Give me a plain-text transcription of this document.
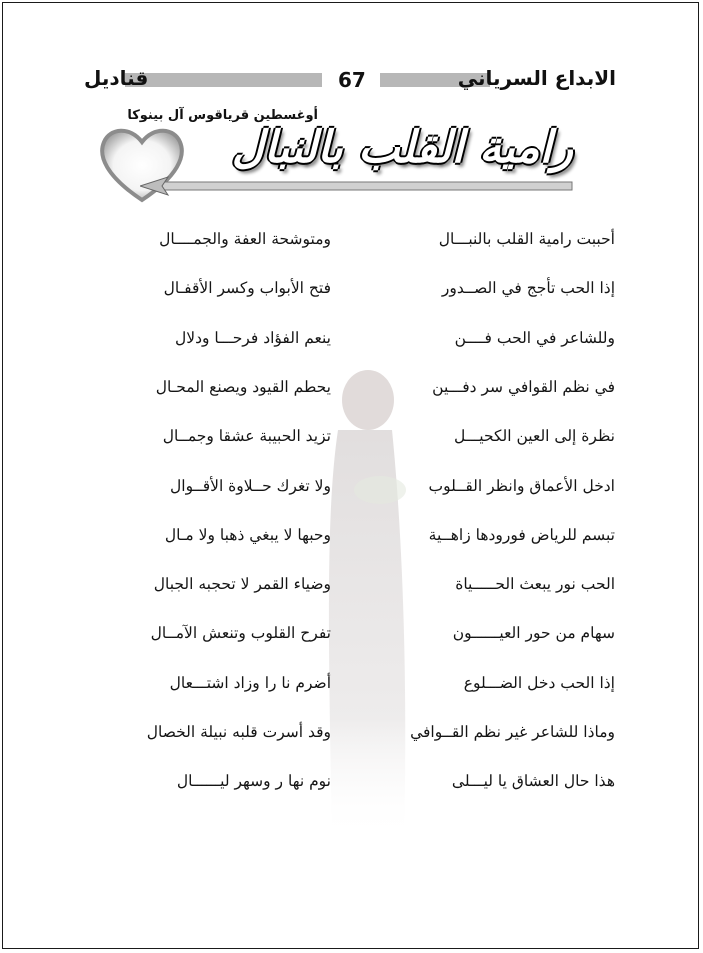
الابداع السرياني
67
قناديل
أوغسطين قرياقوس آل بينوكا
رامية القلب بالنبال
أحببت رامية القلب بالنبـــال
ومتوشحة العفة والجمــــال
إذا الحب تأجج في الصــدور
فتح الأبواب وكسر الأقفـال
وللشاعر في الحب فــــن
ينعم الفؤاد فرحـــا ودلال
في نظم القوافي سر دفـــين
يحطم القيود ويصنع المحـال
نظرة إلى العين الكحيـــل
تزيد الحبيبة عشقا وجمــال
ادخل الأعماق وانظر القــلوب
ولا تغرك حــلاوة الأقــوال
تبسم للرياض فورودها زاهــية
وحبها لا يبغي ذهبا ولا مـال
الحب نور يبعث الحـــــياة
وضياء القمر لا تحجبه الجبال
سهام من حور العيــــــون
تفرح القلوب وتنعش الآمــال
إذا الحب دخل الضـــلوع
أضرم نا را وزاد اشتـــعال
وماذا للشاعر غير نظم القــوافي
وقد أسرت قلبه نبيلة الخصال
هذا حال العشاق يا ليـــلى
نوم نها ر وسهر ليــــــال
